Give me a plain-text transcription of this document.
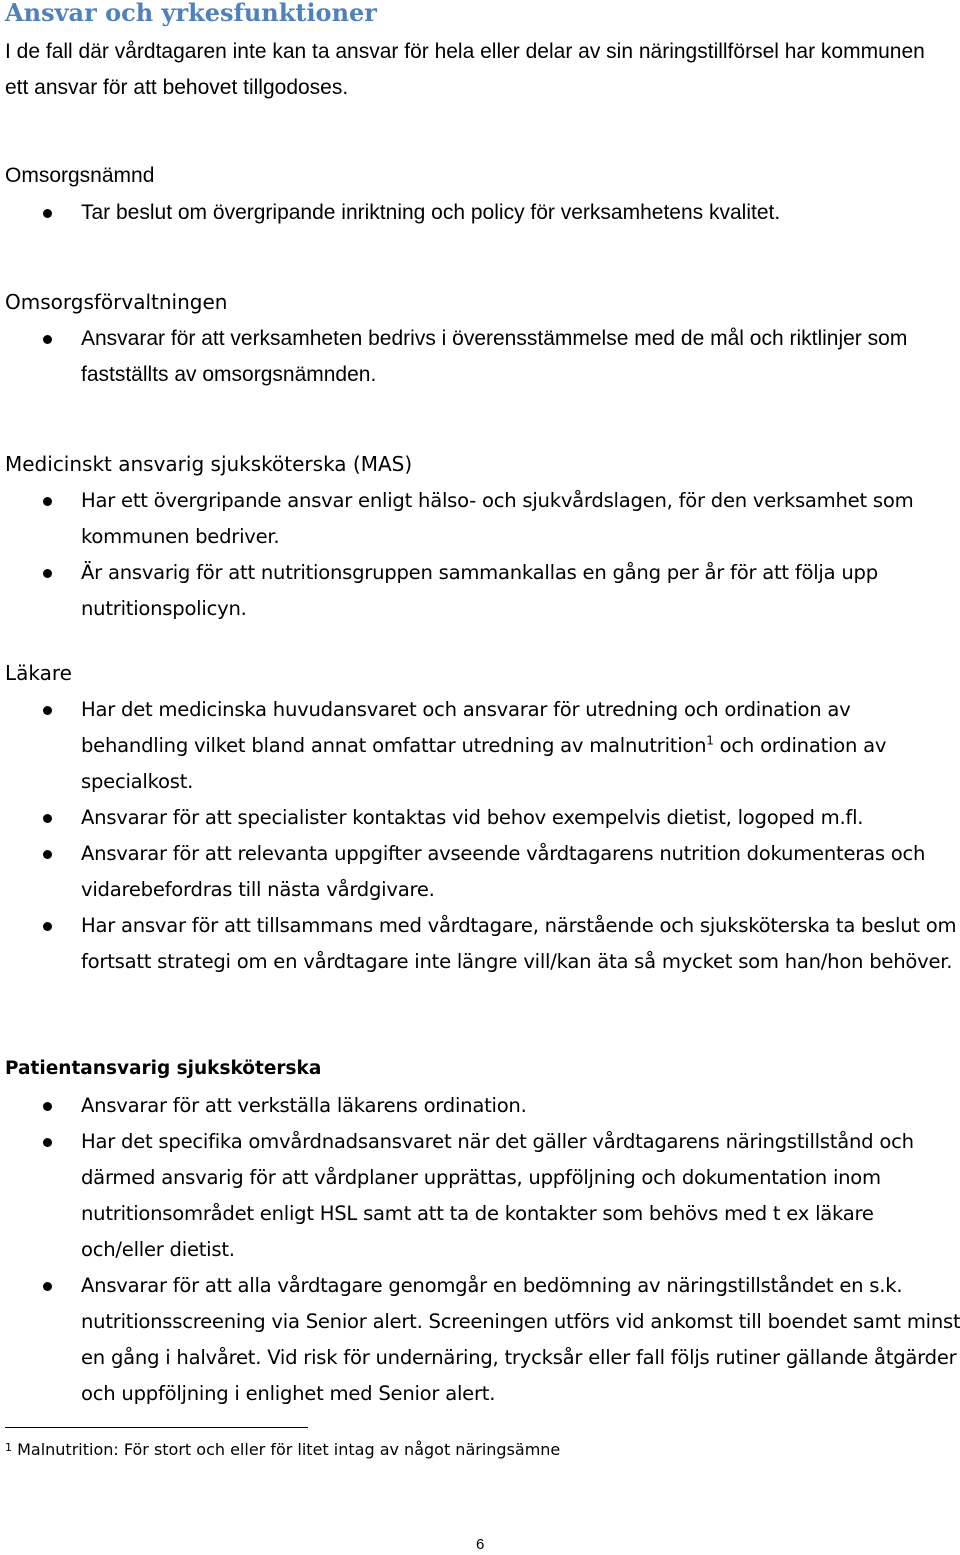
Ansvar och yrkesfunktioner

I de fall där vårdtagaren inte kan ta ansvar för hela eller delar av sin näringstillförsel har kommunen ett ansvar för att behovet tillgodoses.

Omsorgsnämnd
Tar beslut om övergripande inriktning och policy för verksamhetens kvalitet.
Omsorgsförvaltningen
Ansvarar för att verksamheten bedrivs i överensstämmelse med de mål och riktlinjer som fastställts av omsorgsnämnden.
Medicinskt ansvarig sjuksköterska (MAS)
Har ett övergripande ansvar enligt hälso- och sjukvårdslagen, för den verksamhet som kommunen bedriver.
Är ansvarig för att nutritionsgruppen sammankallas en gång per år för att följa upp nutritionspolicyn.
Läkare
Har det medicinska huvudansvaret och ansvarar för utredning och ordination av behandling vilket bland annat omfattar utredning av malnutrition$^1$ och ordination av specialkost.
Ansvarar för att specialister kontaktas vid behov exempelvis dietist, logoped m.fl.
Ansvarar för att relevanta uppgifter avseende vårdtagarens nutrition dokumenteras och vidarebefordras till nästa vårdgivare.
Har ansvar för att tillsammans med vårdtagare, närstående och sjuksköterska ta beslut om fortsatt strategi om en vårdtagare inte längre vill/kan äta så mycket som han/hon behöver.
Patientansvarig sjuksköterska
Ansvarar för att verkställa läkarens ordination.
Har det specifika omvårdnadsansvaret när det gäller vårdtagarens näringstillstånd och därmed ansvarig för att vårdplaner upprättas, uppföljning och dokumentation inom nutritionsområdet enligt HSL samt att ta de kontakter som behövs med t ex läkare och/eller dietist.
Ansvarar för att alla vårdtagare genomgår en bedömning av näringstillståndet en s.k. nutritionsscreening via Senior alert. Screeningen utförs vid ankomst till boendet samt minst en gång i halvåret. Vid risk för undernäring, trycksår eller fall följs rutiner gällande åtgärder och uppföljning i enlighet med Senior alert.

$^1$ Malnutrition: För stort och eller för litet intag av något näringsämne

6
